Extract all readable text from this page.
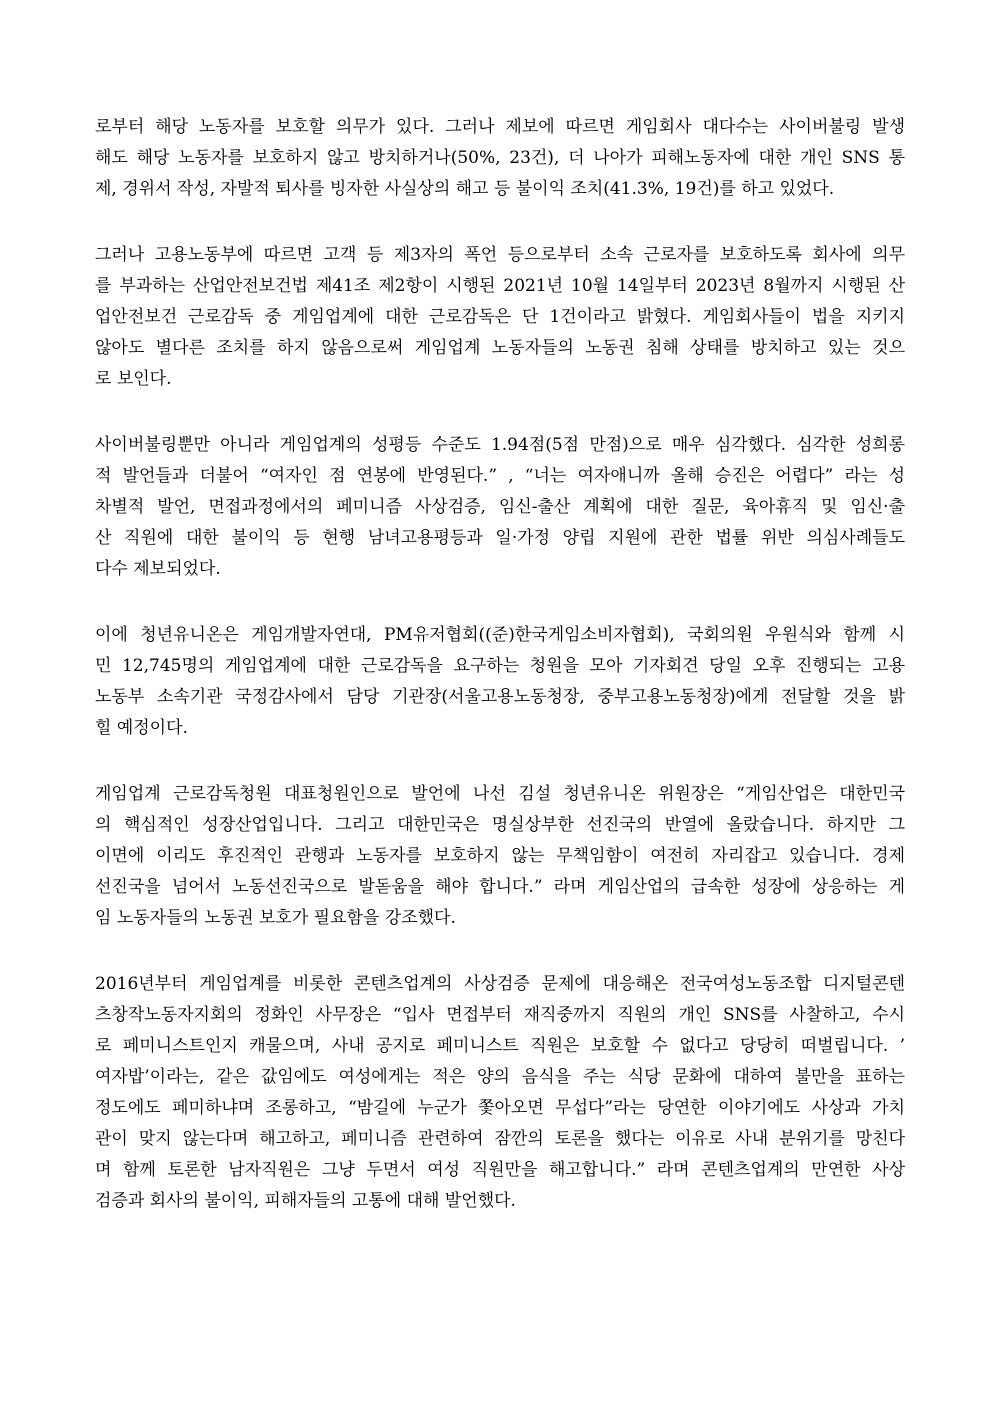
로부터 해당 노동자를 보호할 의무가 있다. 그러나 제보에 따르면 게임회사 대다수는 사이버불링 발생
해도 해당 노동자를 보호하지 않고 방치하거나(50%, 23건), 더 나아가 피해노동자에 대한 개인 SNS 통
제, 경위서 작성, 자발적 퇴사를 빙자한 사실상의 해고 등 불이익 조치(41.3%, 19건)를 하고 있었다.

그러나 고용노동부에 따르면 고객 등 제3자의 폭언 등으로부터 소속 근로자를 보호하도록 회사에 의무
를 부과하는 산업안전보건법 제41조 제2항이 시행된 2021년 10월 14일부터 2023년 8월까지 시행된 산
업안전보건 근로감독 중 게임업계에 대한 근로감독은 단 1건이라고 밝혔다. 게임회사들이 법을 지키지
않아도 별다른 조치를 하지 않음으로써 게임업계 노동자들의 노동권 침해 상태를 방치하고 있는 것으
로 보인다.

사이버불링뿐만 아니라 게임업계의 성평등 수준도 1.94점(5점 만점)으로 매우 심각했다. 심각한 성희롱
적 발언들과 더불어 “여자인 점 연봉에 반영된다.” , “너는 여자애니까 올해 승진은 어렵다” 라는 성
차별적 발언, 면접과정에서의 페미니즘 사상검증, 임신-출산 계획에 대한 질문, 육아휴직 및 임신·출
산 직원에 대한 불이익 등 현행 남녀고용평등과 일·가정 양립 지원에 관한 법률 위반 의심사례들도
다수 제보되었다.

이에 청년유니온은 게임개발자연대, PM유저협회((준)한국게임소비자협회), 국회의원 우원식와 함께 시
민 12,745명의 게임업계에 대한 근로감독을 요구하는 청원을 모아 기자회견 당일 오후 진행되는 고용
노동부 소속기관 국정감사에서 담당 기관장(서울고용노동청장, 중부고용노동청장)에게 전달할 것을 밝
힐 예정이다.

게임업계 근로감독청원 대표청원인으로 발언에 나선 김설 청년유니온 위원장은 “게임산업은 대한민국
의 핵심적인 성장산업입니다. 그리고 대한민국은 명실상부한 선진국의 반열에 올랐습니다. 하지만 그
이면에 이리도 후진적인 관행과 노동자를 보호하지 않는 무책임함이 여전히 자리잡고 있습니다. 경제
선진국을 넘어서 노동선진국으로 발돋움을 해야 합니다.” 라며 게임산업의 급속한 성장에 상응하는 게
임 노동자들의 노동권 보호가 필요함을 강조했다.

2016년부터 게임업계를 비롯한 콘텐츠업계의 사상검증 문제에 대응해온 전국여성노동조합 디지털콘텐
츠창작노동자지회의 정화인 사무장은 “입사 면접부터 재직중까지 직원의 개인 SNS를 사찰하고, 수시
로 페미니스트인지 캐물으며, 사내 공지로 페미니스트 직원은 보호할 수 없다고 당당히 떠벌립니다. ’
여자밥’이라는, 같은 값임에도 여성에게는 적은 양의 음식을 주는 식당 문화에 대하여 불만을 표하는
정도에도 페미하냐며 조롱하고, “밤길에 누군가 쫓아오면 무섭다”라는 당연한 이야기에도 사상과 가치
관이 맞지 않는다며 해고하고, 페미니즘 관련하여 잠깐의 토론을 했다는 이유로 사내 분위기를 망친다
며 함께 토론한 남자직원은 그냥 두면서 여성 직원만을 해고합니다.” 라며 콘텐츠업계의 만연한 사상
검증과 회사의 불이익, 피해자들의 고통에 대해 발언했다.
